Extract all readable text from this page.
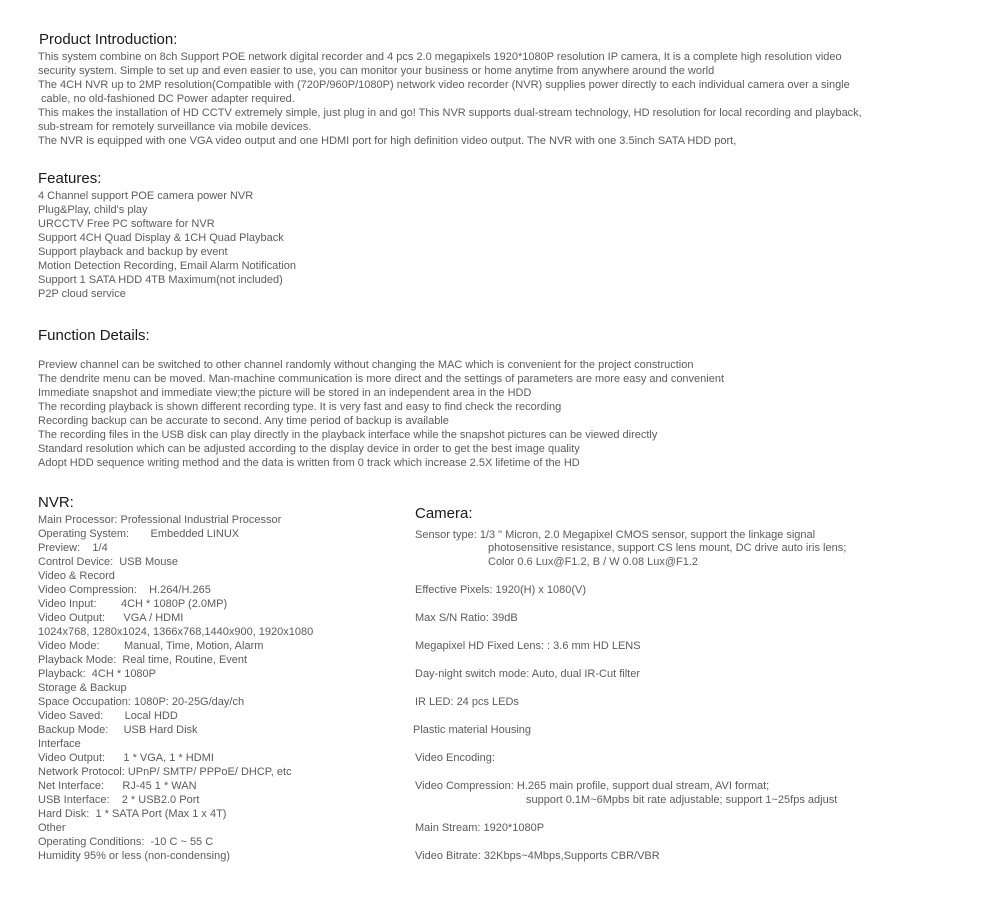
Product Introduction:
This system combine on 8ch Support POE network digital recorder and 4 pcs 2.0 megapixels 1920*1080P resolution IP camera, It is a complete high resolution video
security system. Simple to set up and even easier to use, you can monitor your business or home anytime from anywhere around the world
The 4CH NVR up to 2MP resolution(Compatible with (720P/960P/1080P) network video recorder (NVR) supplies power directly to each individual camera over a single
cable, no old-fashioned DC Power adapter required.
This makes the installation of HD CCTV extremely simple, just plug in and go! This NVR supports dual-stream technology, HD resolution for local recording and playback,
sub-stream for remotely surveillance via mobile devices.
The NVR is equipped with one VGA video output and one HDMI port for high definition video output. The NVR with one 3.5inch SATA HDD port,
Features:
4 Channel support POE camera power NVR
Plug&Play, child's play
URCCTV Free PC software for NVR
Support 4CH Quad Display & 1CH Quad Playback
Support playback and backup by event
Motion Detection Recording, Email Alarm Notification
Support 1 SATA HDD 4TB Maximum(not included)
P2P cloud service
Function Details:
Preview channel can be switched to other channel randomly without changing the MAC which is convenient for the project construction
The dendrite menu can be moved. Man-machine communication is more direct and the settings of parameters are more easy and convenient
Immediate snapshot and immediate view;the picture will be stored in an independent area in the HDD
The recording playback is shown different recording type. It is very fast and easy to find check the recording
Recording backup can be accurate to second. Any time period of backup is available
The recording files in the USB disk can play directly in the playback interface while the snapshot pictures can be viewed directly
Standard resolution which can be adjusted according to the display device in order to get the best image quality
Adopt HDD sequence writing method and the data is written from 0 track which increase 2.5X lifetime of the HD
NVR:
Main Processor: Professional Industrial Processor
Operating System:       Embedded LINUX
Preview:    1/4
Control Device:  USB Mouse
Video & Record
Video Compression:    H.264/H.265
Video Input:        4CH * 1080P (2.0MP)
Video Output:      VGA / HDMI
1024x768, 1280x1024, 1366x768,1440x900, 1920x1080
Video Mode:        Manual, Time, Motion, Alarm
Playback Mode:  Real time, Routine, Event
Playback:  4CH * 1080P
Storage & Backup
Space Occupation: 1080P: 20-25G/day/ch
Video Saved:       Local HDD
Backup Mode:     USB Hard Disk
Interface
Video Output:      1 * VGA, 1 * HDMI
Network Protocol: UPnP/ SMTP/ PPPoE/ DHCP, etc
Net Interface:      RJ-45 1 * WAN
USB Interface:    2 * USB2.0 Port
Hard Disk:  1 * SATA Port (Max 1 x 4T)
Other
Operating Conditions:  -10 C ~ 55 C
Humidity 95% or less (non-condensing)
Camera:
Sensor type: 1/3 " Micron, 2.0 Megapixel CMOS sensor, support the linkage signal
photosensitive resistance, support CS lens mount, DC drive auto iris lens;
Color 0.6 Lux@F1.2, B / W 0.08 Lux@F1.2
Effective Pixels: 1920(H) x 1080(V)
Max S/N Ratio: 39dB
Megapixel HD Fixed Lens: : 3.6 mm HD LENS
Day-night switch mode: Auto, dual IR-Cut filter
IR LED: 24 pcs LEDs
Plastic material Housing
Video Encoding:
Video Compression: H.265 main profile, support dual stream, AVI format;
support 0.1M~6Mpbs bit rate adjustable; support 1~25fps adjust
Main Stream: 1920*1080P
Video Bitrate: 32Kbps~4Mbps,Supports CBR/VBR
